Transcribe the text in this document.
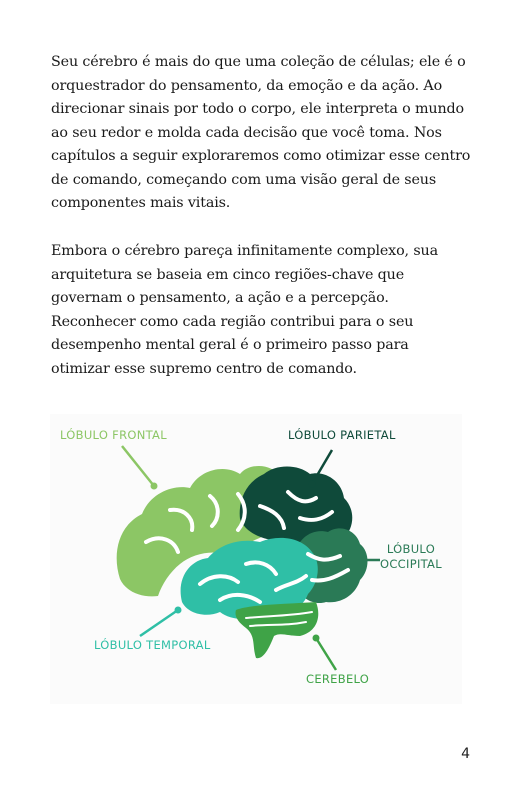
Seu cérebro é mais do que uma coleção de células; ele é o orquestrador do pensamento, da emoção e da ação. Ao direcionar sinais por todo o corpo, ele interpreta o mundo ao seu redor e molda cada decisão que você toma. Nos capítulos a seguir exploraremos como otimizar esse centro de comando, começando com uma visão geral de seus componentes mais vitais.

Embora o cérebro pareça infinitamente complexo, sua arquitetura se baseia em cinco regiões-chave que governam o pensamento, a ação e a percepção. Reconhecer como cada região contribui para o seu desempenho mental geral é o primeiro passo para otimizar esse supremo centro de comando.

LÓBULO FRONTAL	LÓBULO PARIETAL
LÓBULO
OCCIPITAL
LÓBULO TEMPORAL
CEREBELO
4
